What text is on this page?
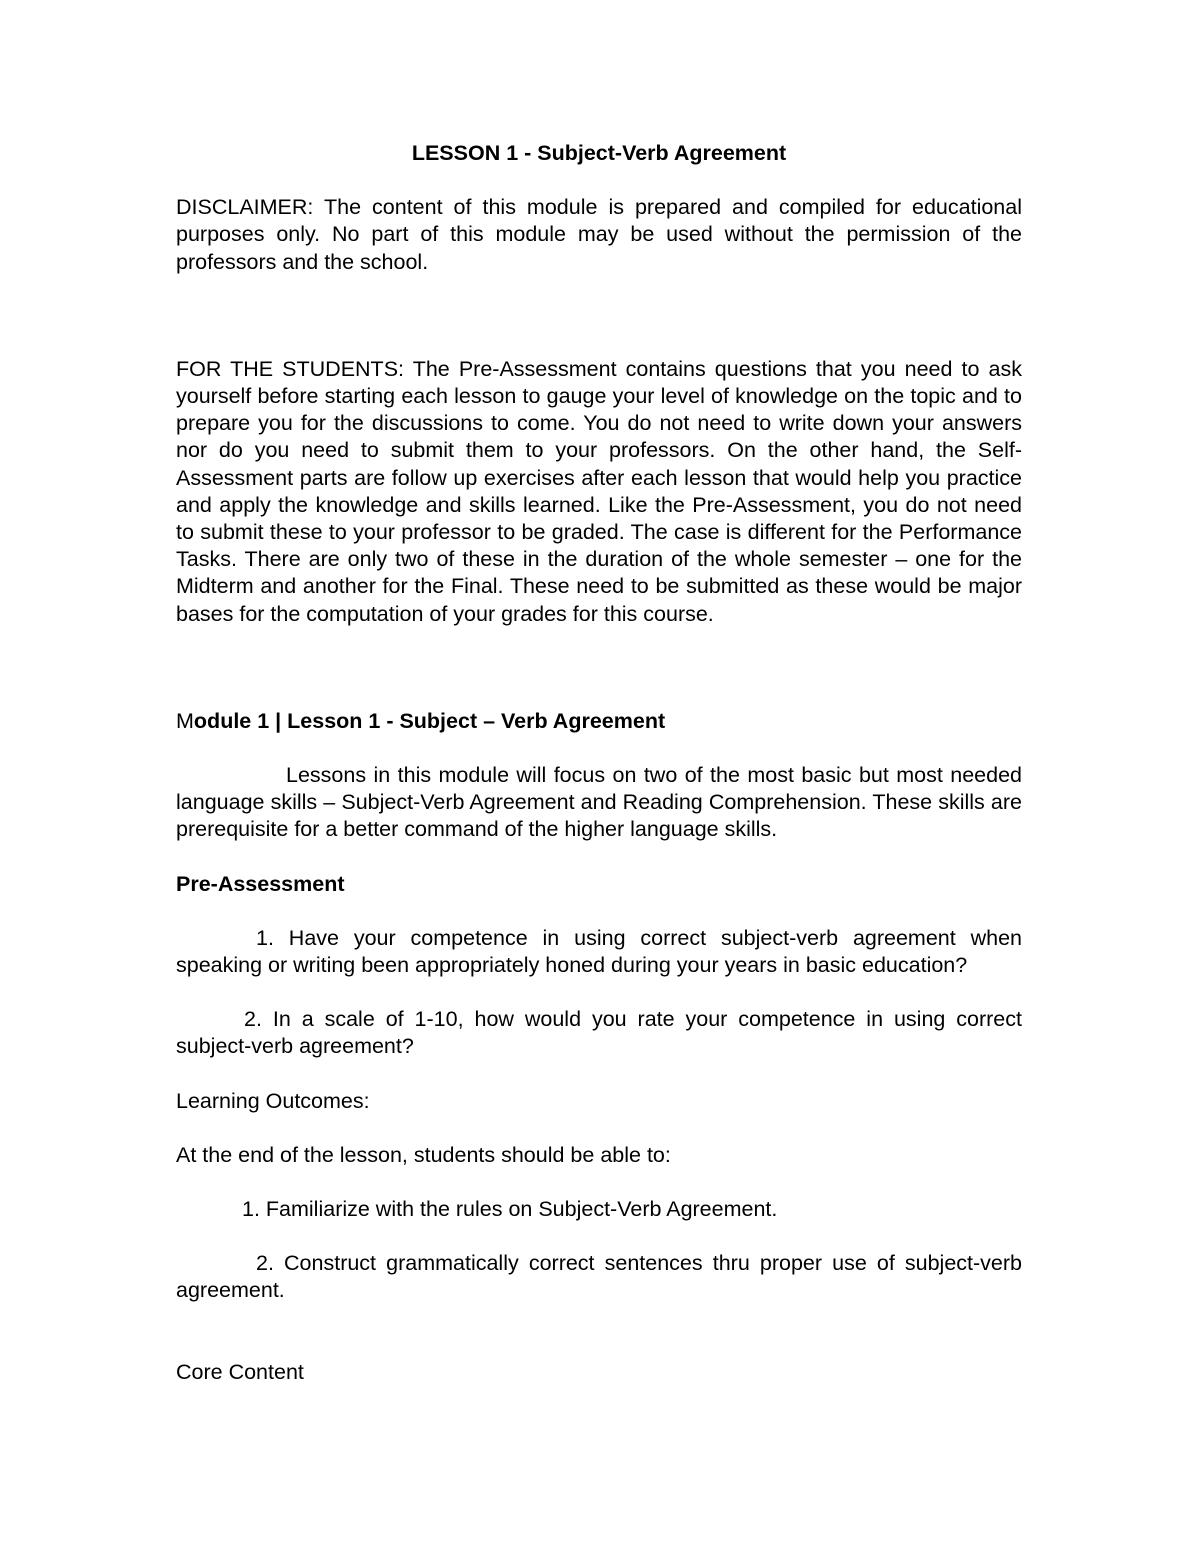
LESSON 1 - Subject-Verb Agreement

DISCLAIMER: The content of this module is prepared and compiled for educational purposes only. No part of this module may be used without the permission of the professors and the school.

FOR THE STUDENTS: The Pre-Assessment contains questions that you need to ask yourself before starting each lesson to gauge your level of knowledge on the topic and to prepare you for the discussions to come. You do not need to write down your answers nor do you need to submit them to your professors. On the other hand, the Self-Assessment parts are follow up exercises after each lesson that would help you practice and apply the knowledge and skills learned. Like the Pre-Assessment, you do not need to submit these to your professor to be graded. The case is different for the Performance Tasks. There are only two of these in the duration of the whole semester – one for the Midterm and another for the Final. These need to be submitted as these would be major bases for the computation of your grades for this course.

Module 1 | Lesson 1 - Subject – Verb Agreement

Lessons in this module will focus on two of the most basic but most needed language skills – Subject-Verb Agreement and Reading Comprehension. These skills are prerequisite for a better command of the higher language skills.

Pre-Assessment

1. Have your competence in using correct subject-verb agreement when speaking or writing been appropriately honed during your years in basic education?

2. In a scale of 1-10, how would you rate your competence in using correct subject-verb agreement?

Learning Outcomes:

At the end of the lesson, students should be able to:

1. Familiarize with the rules on Subject-Verb Agreement.

2. Construct grammatically correct sentences thru proper use of subject-verb agreement.

Core Content
